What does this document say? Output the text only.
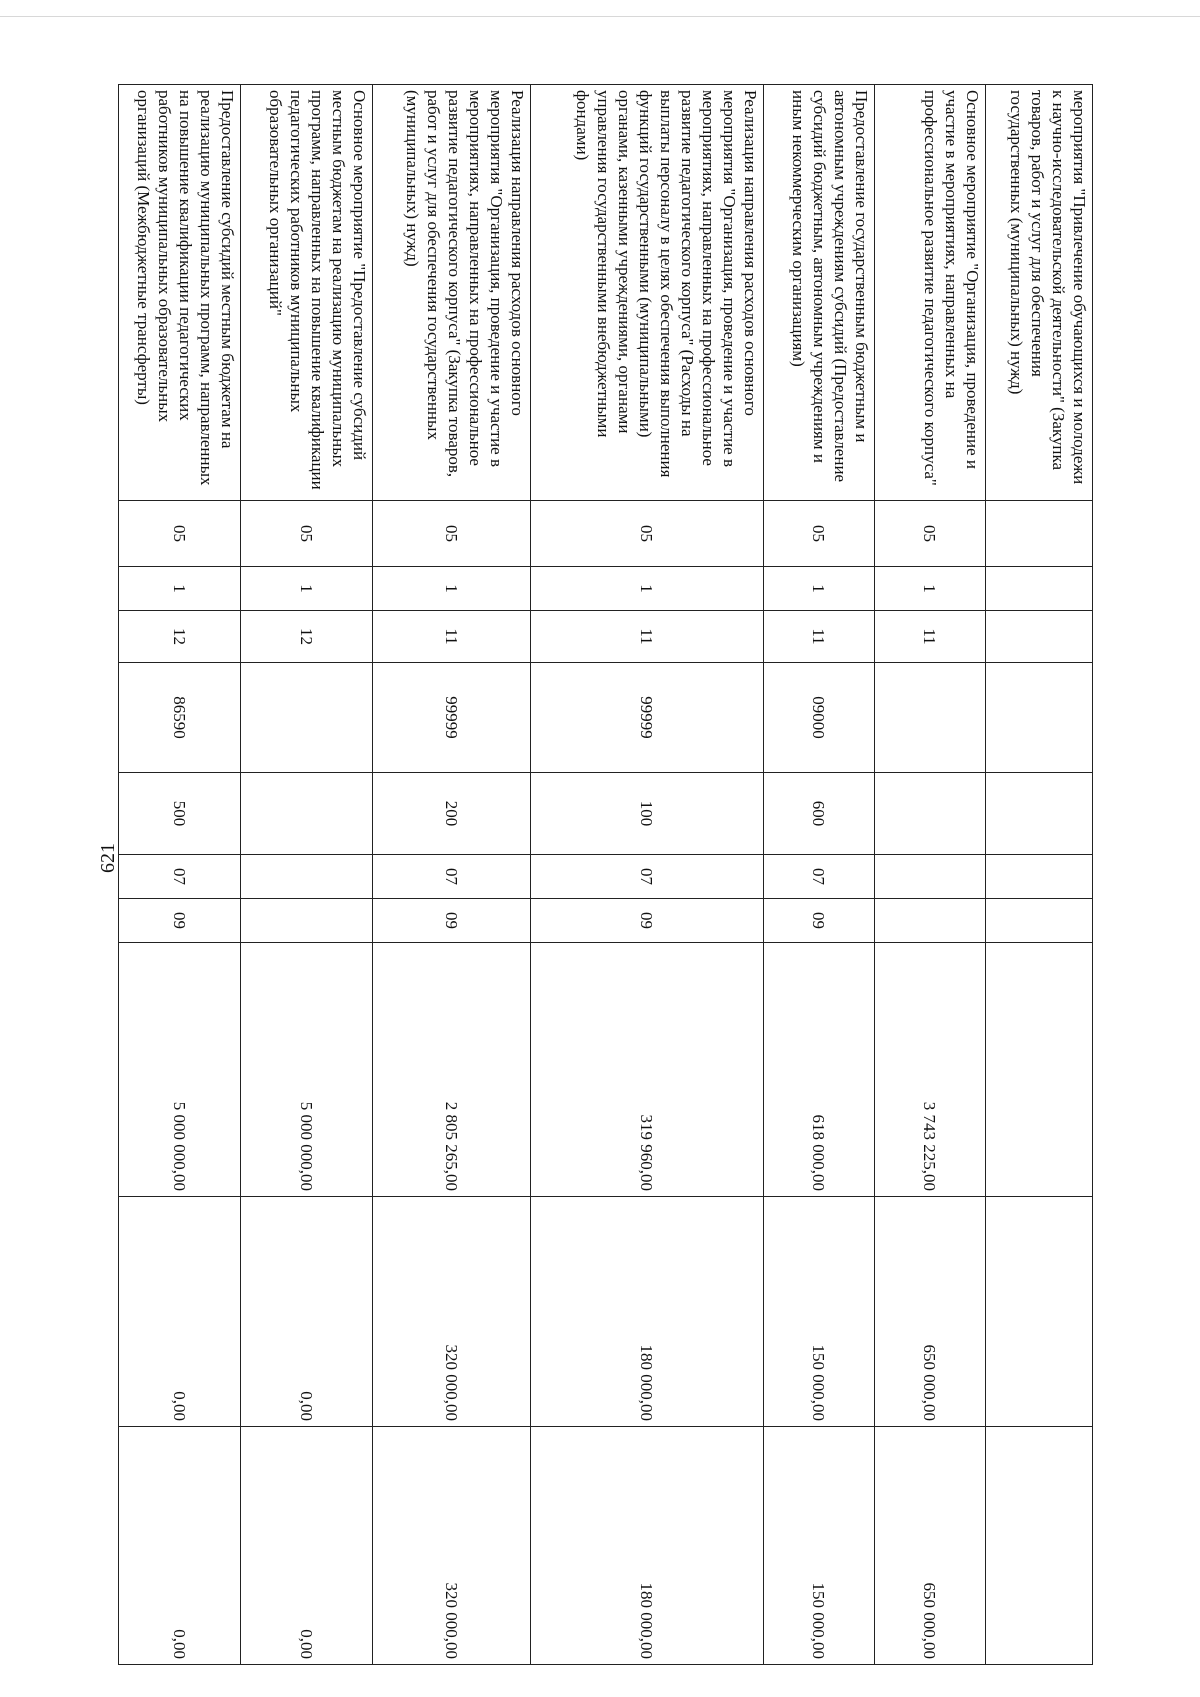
621
мероприятия "Привлечение обучающихся и молодежи к научно-исследовательской деятельности" (Закупка товаров, работ и услуг для обеспечения государственных (муниципальных) нужд)										

Основное мероприятие "Организация, проведение и участие в мероприятиях, направленных на профессиональное развитие педагогического корпуса"	05	1	11					3 743 225,00	650 000,00	650 000,00

Предоставление государственным бюджетным и автономным учреждениям субсидий (Предоставление субсидий бюджетным, автономным учреждениям и иным некоммерческим организациям)	05	1	11	09000	600	07	09	618 000,00	150 000,00	150 000,00

Реализация направления расходов основного мероприятия "Организация, проведение и участие в мероприятиях, направленных на профессиональное развитие педагогического корпуса" (Расходы на выплаты персоналу в целях обеспечения выполнения функций государственными (муниципальными) органами, казенными учреждениями, органами управления государственными внебюджетными фондами)	05	1	11	99999	100	07	09	319 960,00	180 000,00	180 000,00

Реализация направления расходов основного мероприятия "Организация, проведение и участие в мероприятиях, направленных на профессиональное развитие педагогического корпуса" (Закупка товаров, работ и услуг для обеспечения государственных (муниципальных) нужд)	05	1	11	99999	200	07	09	2 805 265,00	320 000,00	320 000,00

Основное мероприятие "Предоставление субсидий местным бюджетам на реализацию муниципальных программ, направленных на повышение квалификации педагогических работников муниципальных образовательных организаций"	05	1	12					5 000 000,00	0,00	0,00

Предоставление субсидий местным бюджетам на реализацию муниципальных программ, направленных на повышение квалификации педагогических работников муниципальных образовательных организаций (Межбюджетные трансферты)	05	1	12	86590	500	07	09	5 000 000,00	0,00	0,00
